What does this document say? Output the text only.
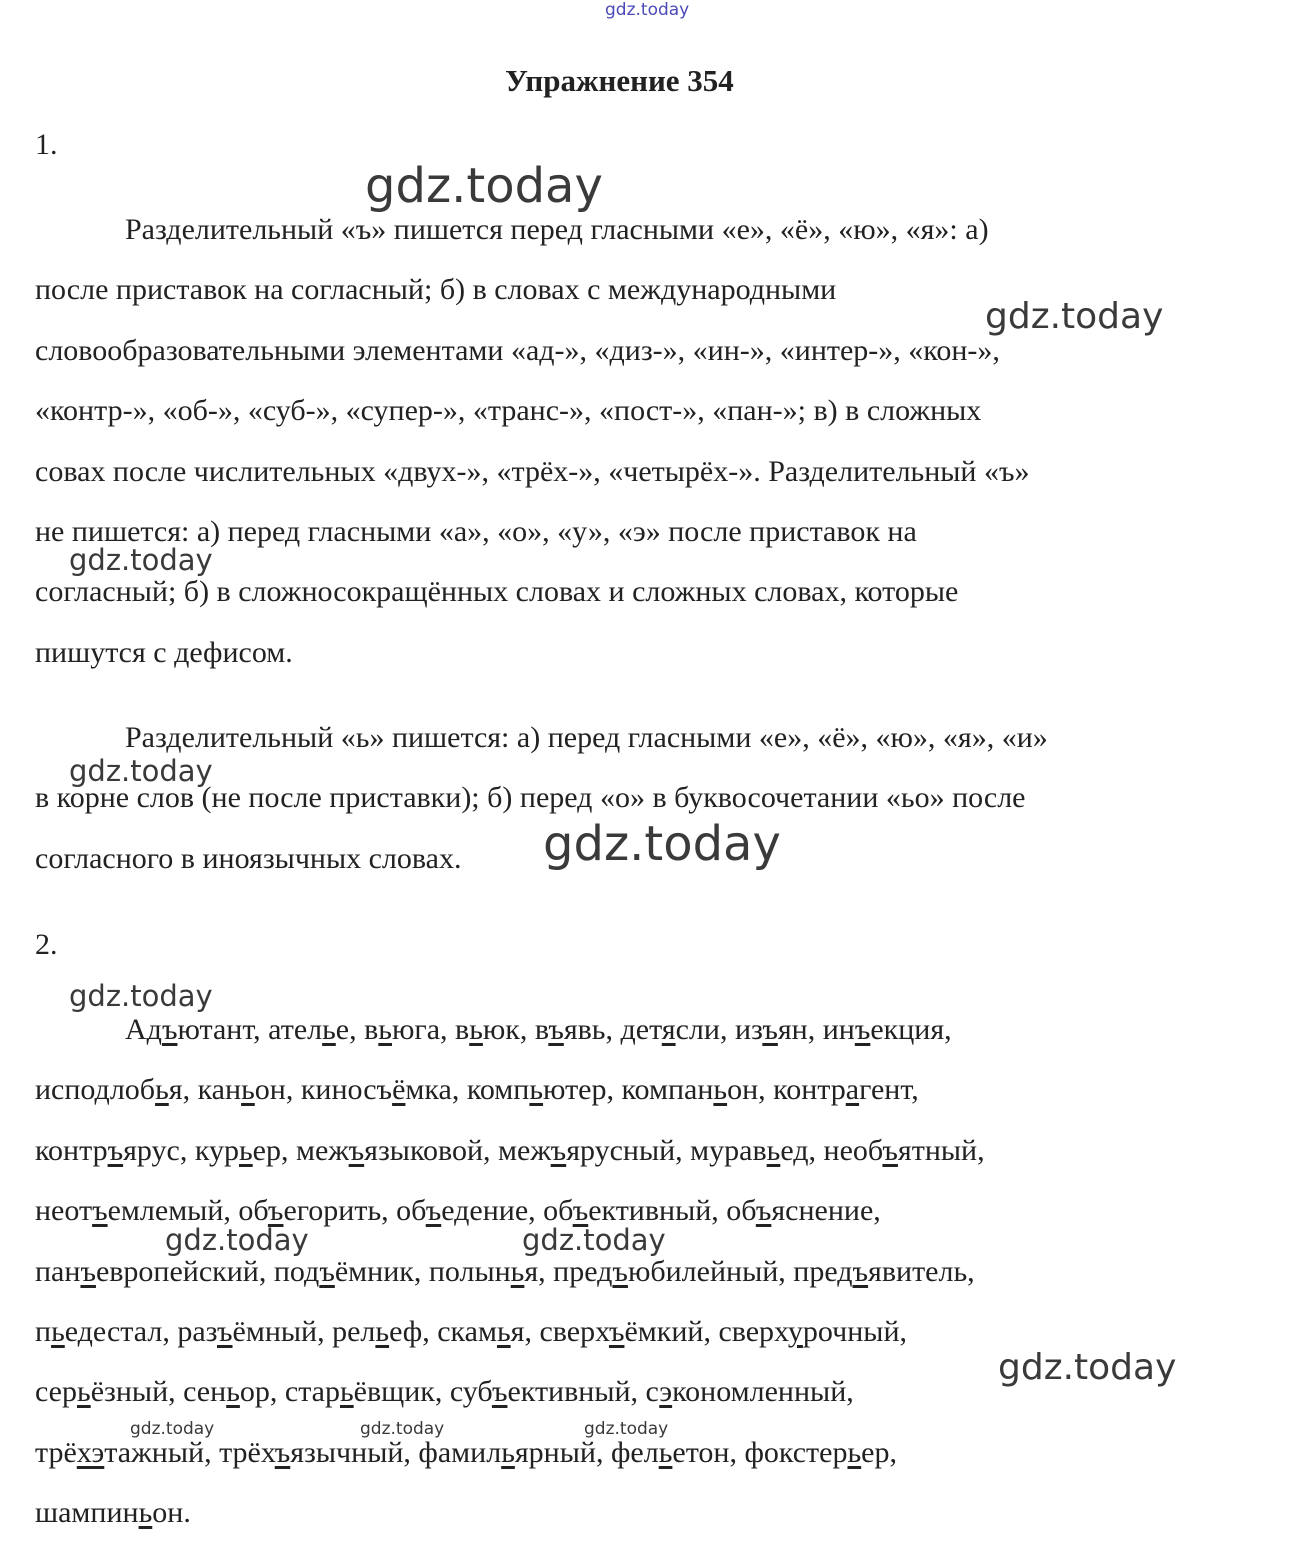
gdz.today
gdz.today
gdz.today
gdz.today
gdz.today
gdz.today
gdz.today
gdz.today	gdz.today
gdz.today
gdz.today	gdz.today	gdz.today
Упражнение 354
1.
Разделительный «ъ» пишется перед гласными «е», «ё», «ю», «я»: а)
после приставок на согласный; б) в словах с международными
словообразовательными элементами «ад-», «диз-», «ин-», «интер-», «кон-»,
«контр-», «об-», «суб-», «супер-», «транс-», «пост-», «пан-»; в) в сложных
совах после числительных «двух-», «трёх-», «четырёх-». Разделительный «ъ»
не пишется: а) перед гласными «а», «о», «у», «э» после приставок на
согласный; б) в сложносокращённых словах и сложных словах, которые
пишутся с дефисом.
Разделительный «ь» пишется: а) перед гласными «е», «ё», «ю», «я», «и»
в корне слов (не после приставки); б) перед «о» в буквосочетании «ьо» после
согласного в иноязычных словах.
2.
Адъютант, ателье, вьюга, вьюк, въявь, детясли, изъян, инъекция,
исподлобья, каньон, киносъёмка, компьютер, компаньон, контрагент,
контръярус, курьер, межъязыковой, межъярусный, муравьед, необъятный,
неотъемлемый, объегорить, объедение, объективный, объяснение,
панъевропейский, подъёмник, полынья, предъюбилейный, предъявитель,
пьедестал, разъёмный, рельеф, скамья, сверхъёмкий, сверхурочный,
серьёзный, сеньор, старьёвщик, субъективный, сэкономленный,
трёхэтажный, трёхъязычный, фамильярный, фельетон, фокстерьер,
шампиньон.
